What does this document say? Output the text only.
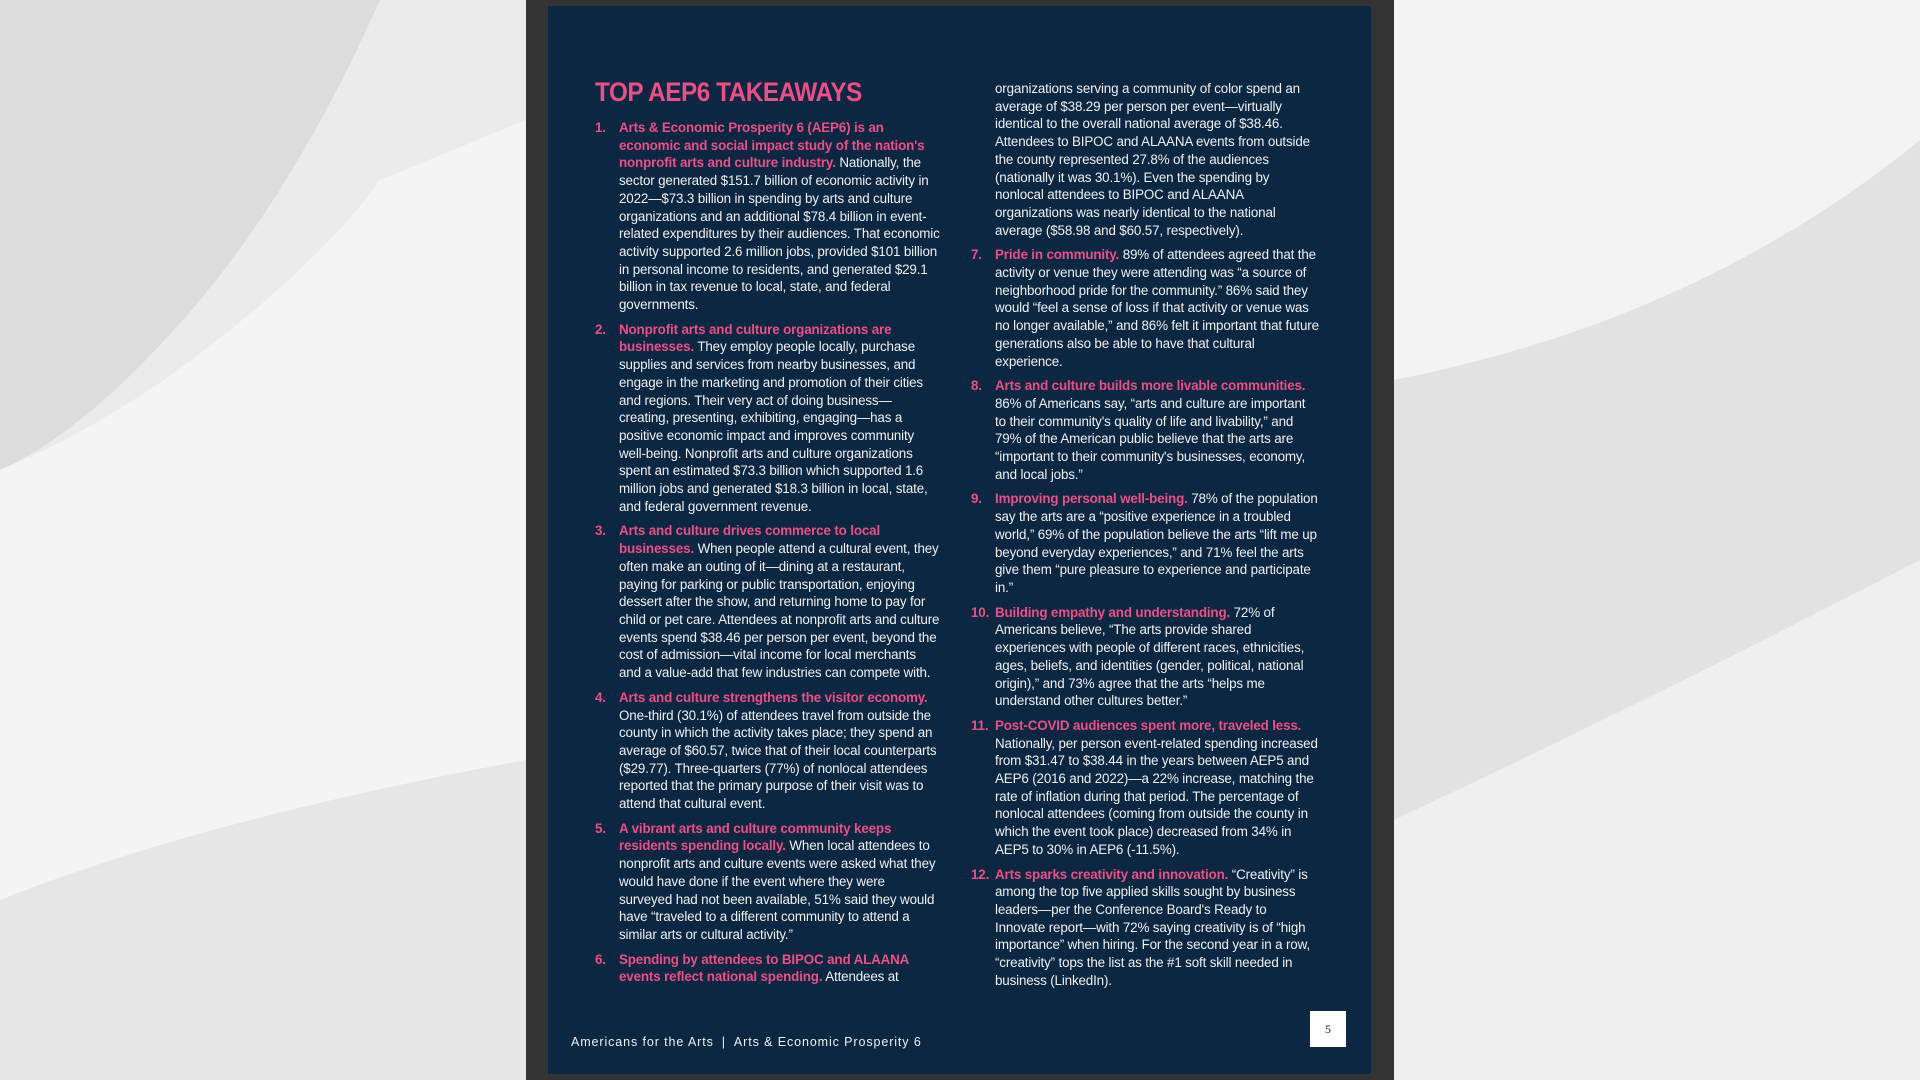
TOP AEP6 TAKEAWAYS
1. Arts & Economic Prosperity 6 (AEP6) is an economic and social impact study of the nation's nonprofit arts and culture industry. Nationally, the sector generated $151.7 billion of economic activity in 2022—$73.3 billion in spending by arts and culture organizations and an additional $78.4 billion in event-related expenditures by their audiences. That economic activity supported 2.6 million jobs, provided $101 billion in personal income to residents, and generated $29.1 billion in tax revenue to local, state, and federal governments.
2. Nonprofit arts and culture organizations are businesses. They employ people locally, purchase supplies and services from nearby businesses, and engage in the marketing and promotion of their cities and regions. Their very act of doing business—creating, presenting, exhibiting, engaging—has a positive economic impact and improves community well-being. Nonprofit arts and culture organizations spent an estimated $73.3 billion which supported 1.6 million jobs and generated $18.3 billion in local, state, and federal government revenue.
3. Arts and culture drives commerce to local businesses. When people attend a cultural event, they often make an outing of it—dining at a restaurant, paying for parking or public transportation, enjoying dessert after the show, and returning home to pay for child or pet care. Attendees at nonprofit arts and culture events spend $38.46 per person per event, beyond the cost of admission—vital income for local merchants and a value-add that few industries can compete with.
4. Arts and culture strengthens the visitor economy. One-third (30.1%) of attendees travel from outside the county in which the activity takes place; they spend an average of $60.57, twice that of their local counterparts ($29.77). Three-quarters (77%) of nonlocal attendees reported that the primary purpose of their visit was to attend that cultural event.
5. A vibrant arts and culture community keeps residents spending locally. When local attendees to nonprofit arts and culture events were asked what they would have done if the event where they were surveyed had not been available, 51% said they would have “traveled to a different community to attend a similar arts or cultural activity.”
6. Spending by attendees to BIPOC and ALAANA events reflect national spending. Attendees at

organizations serving a community of color spend an average of $38.29 per person per event—virtually identical to the overall national average of $38.46. Attendees to BIPOC and ALAANA events from outside the county represented 27.8% of the audiences (nationally it was 30.1%). Even the spending by nonlocal attendees to BIPOC and ALAANA organizations was nearly identical to the national average ($58.98 and $60.57, respectively).

7. Pride in community. 89% of attendees agreed that the activity or venue they were attending was “a source of neighborhood pride for the community.” 86% said they would “feel a sense of loss if that activity or venue was no longer available,” and 86% felt it important that future generations also be able to have that cultural experience.
8. Arts and culture builds more livable communities. 86% of Americans say, “arts and culture are important to their community's quality of life and livability,” and 79% of the American public believe that the arts are “important to their community's businesses, economy, and local jobs.”
9. Improving personal well-being. 78% of the population say the arts are a “positive experience in a troubled world,” 69% of the population believe the arts “lift me up beyond everyday experiences,” and 71% feel the arts give them “pure pleasure to experience and participate in.”
10. Building empathy and understanding. 72% of Americans believe, “The arts provide shared experiences with people of different races, ethnicities, ages, beliefs, and identities (gender, political, national origin),” and 73% agree that the arts “helps me understand other cultures better.”
11. Post-COVID audiences spent more, traveled less. Nationally, per person event-related spending increased from $31.47 to $38.44 in the years between AEP5 and AEP6 (2016 and 2022)—a 22% increase, matching the rate of inflation during that period. The percentage of nonlocal attendees (coming from outside the county in which the event took place) decreased from 34% in AEP5 to 30% in AEP6 (-11.5%).
12. Arts sparks creativity and innovation. “Creativity” is among the top five applied skills sought by business leaders—per the Conference Board's Ready to Innovate report—with 72% saying creativity is of “high importance” when hiring. For the second year in a row, “creativity” tops the list as the #1 soft skill needed in business (LinkedIn).
Americans for the Arts | Arts & Economic Prosperity 6
5
